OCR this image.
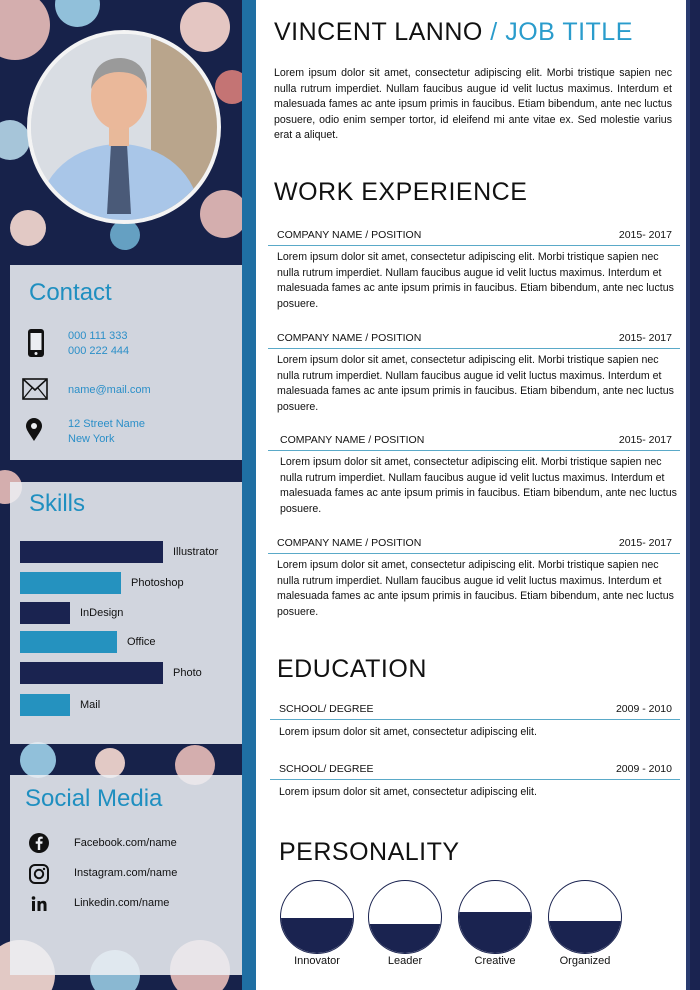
Contact
000 111 333
000 222 444
name@mail.com
12 Street Name
New York
Skills
Illustrator
Photoshop
InDesign
Office
Photo
Mail
Social Media
Facebook.com/name
Instagram.com/name
Linkedin.com/name
VINCENT LANNO / JOB TITLE
Lorem ipsum dolor sit amet, consectetur adipiscing elit. Morbi tristique sapien nec nulla rutrum imperdiet. Nullam faucibus augue id velit luctus maximus. Interdum et malesuada fames ac ante ipsum primis in faucibus. Etiam bibendum, ante nec luctus posuere, odio enim semper tortor, id eleifend mi ante vitae ex. Sed molestie varius erat a aliquet.
WORK EXPERIENCE
COMPANY NAME / POSITION	2015- 2017
Lorem ipsum dolor sit amet, consectetur adipiscing elit. Morbi tristique sapien nec nulla rutrum imperdiet. Nullam faucibus augue id velit luctus maximus. Interdum et malesuada fames ac ante ipsum primis in faucibus. Etiam bibendum, ante nec luctus posuere.
COMPANY NAME / POSITION	2015- 2017
Lorem ipsum dolor sit amet, consectetur adipiscing elit. Morbi tristique sapien nec nulla rutrum imperdiet. Nullam faucibus augue id velit luctus maximus. Interdum et malesuada fames ac ante ipsum primis in faucibus. Etiam bibendum, ante nec luctus posuere.
COMPANY NAME / POSITION	2015- 2017
Lorem ipsum dolor sit amet, consectetur adipiscing elit. Morbi tristique sapien nec nulla rutrum imperdiet. Nullam faucibus augue id velit luctus maximus. Interdum et malesuada fames ac ante ipsum primis in faucibus. Etiam bibendum, ante nec luctus posuere.
COMPANY NAME / POSITION	2015- 2017
Lorem ipsum dolor sit amet, consectetur adipiscing elit. Morbi tristique sapien nec nulla rutrum imperdiet. Nullam faucibus augue id velit luctus maximus. Interdum et malesuada fames ac ante ipsum primis in faucibus. Etiam bibendum, ante nec luctus posuere.
EDUCATION
SCHOOL/ DEGREE	2009 - 2010
Lorem ipsum dolor sit amet, consectetur adipiscing elit.
SCHOOL/ DEGREE	2009 - 2010
Lorem ipsum dolor sit amet, consectetur adipiscing elit.
PERSONALITY
Innovator	Leader	Creative	Organized
